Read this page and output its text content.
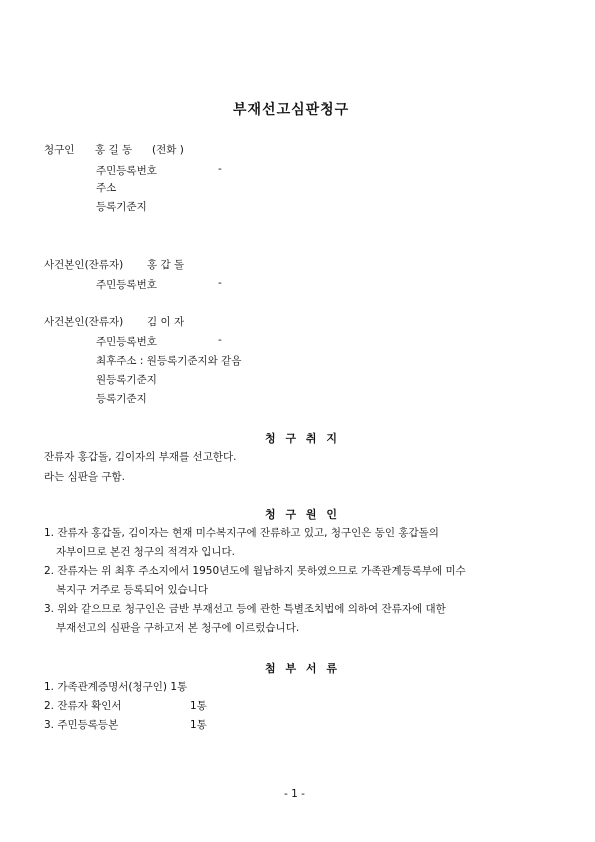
부재선고심판청구
청구인 홍 길 동 (전화 )
주민등록번호	-
주소
등록기준지
사건본인(잔류자) 홍 갑 돌
주민등록번호	-
사건본인(잔류자) 김 이 자
주민등록번호	-
최후주소 : 원등록기준지와 같음
원등록기준지
등록기준지
청 구 취 지
잔류자 홍갑돌, 김이자의 부재를 선고한다.
라는 심판을 구함.
청 구 원 인
1. 잔류자 홍갑돌, 김이자는 현재 미수복지구에 잔류하고 있고, 청구인은 동인 홍갑돌의
자부이므로 본건 청구의 적격자 입니다.
2. 잔류자는 위 최후 주소지에서 1950년도에 월남하지 못하였으므로 가족관계등록부에 미수
복지구 거주로 등록되어 있습니다
3. 위와 같으므로 청구인은 금반 부재선고 등에 관한 특별조치법에 의하여 잔류자에 대한
부재선고의 심판을 구하고저 본 청구에 이르렀습니다.
첨 부 서 류
1. 가족관계증명서(청구인) 1통
2. 잔류자 확인서	1통
3. 주민등록등본	1통
- 1 -
